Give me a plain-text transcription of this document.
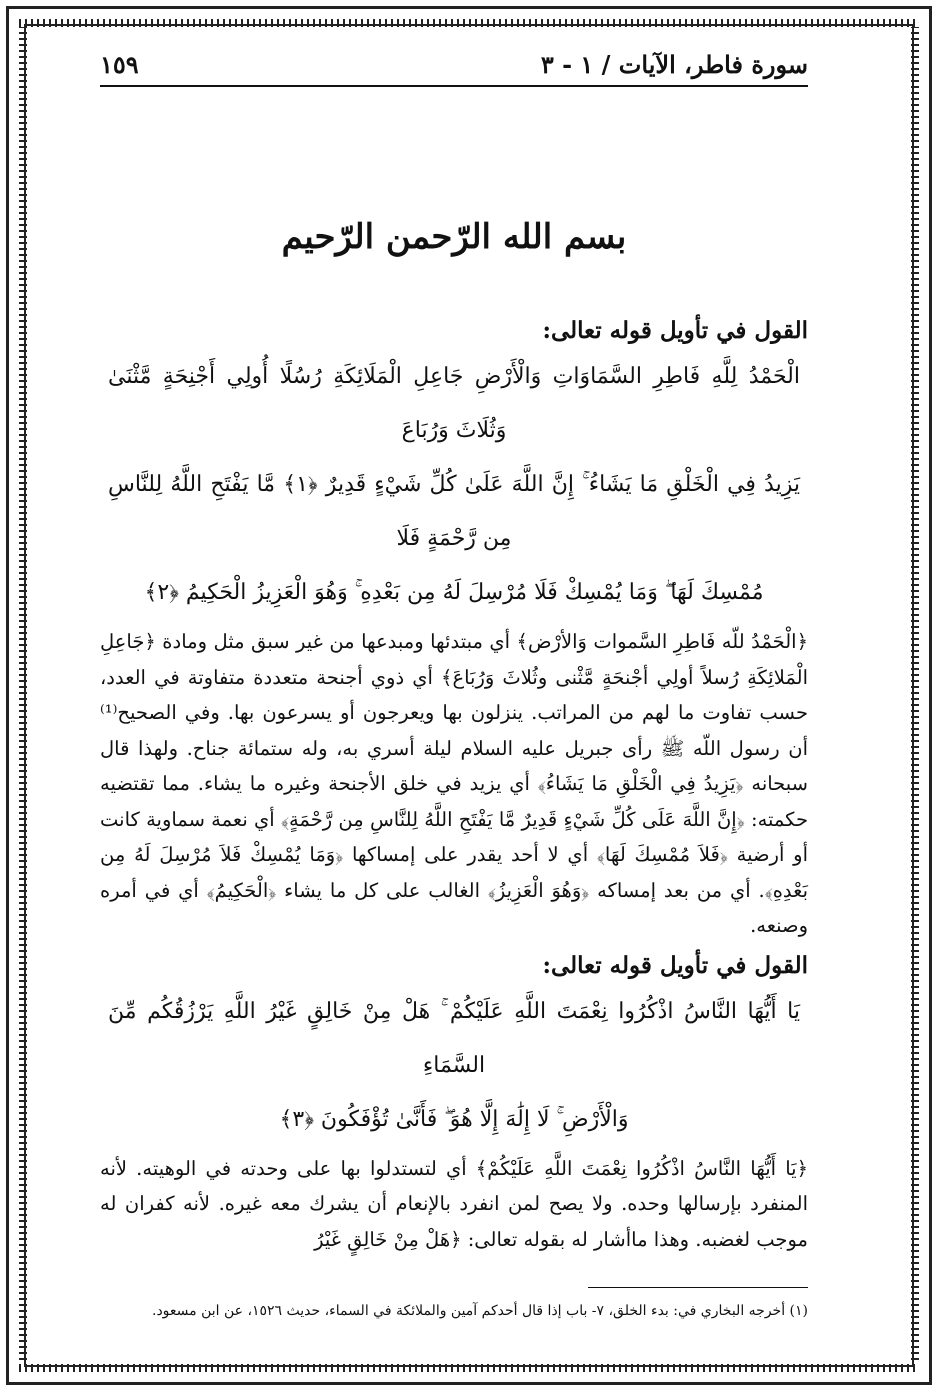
سورة فاطر، الآيات / ١ - ٣
١٥٩
بسم الله الرّحمن الرّحيم
القول في تأويل قوله تعالى:

الْحَمْدُ لِلَّهِ فَاطِرِ السَّمَاوَاتِ وَالْأَرْضِ جَاعِلِ الْمَلَائِكَةِ رُسُلًا أُولِي أَجْنِحَةٍ مَّثْنَىٰ وَثُلَاثَ وَرُبَاعَ

يَزِيدُ فِي الْخَلْقِ مَا يَشَاءُ ۚ إِنَّ اللَّهَ عَلَىٰ كُلِّ شَيْءٍ قَدِيرٌ ﴿١﴾ مَّا يَفْتَحِ اللَّهُ لِلنَّاسِ مِن رَّحْمَةٍ فَلَا

مُمْسِكَ لَهَا ۖ وَمَا يُمْسِكْ فَلَا مُرْسِلَ لَهُ مِن بَعْدِهِ ۚ وَهُوَ الْعَزِيزُ الْحَكِيمُ ﴿٢﴾

﴿الْحَمْدُ للّه فَاطِرِ السَّموات وَالأرْض﴾ أي مبتدئها ومبدعها من غير سبق مثل ومادة ﴿جَاعِلِ الْمَلائِكَةِ رُسلاً أولِي أجْنحَةٍ مَّثْنى وثُلاثَ وَرُبَاعَ﴾ أي ذوي أجنحة متعددة متفاوتة في العدد، حسب تفاوت ما لهم من المراتب. ينزلون بها ويعرجون أو يسرعون بها. وفي الصحيح⁽¹⁾ أن رسول اللّه ﷺ رأى جبريل عليه السلام ليلة أسري به، وله ستمائة جناح. ولهذا قال سبحانه ﴿يَزِيدُ فِي الْخَلْقِ مَا يَشَاءُ﴾ أي يزيد في خلق الأجنحة وغيره ما يشاء. مما تقتضيه حكمته: ﴿إِنَّ اللَّهَ عَلَى كُلِّ شَيْءٍ قَدِيرٌ مَّا يَفْتَحِ اللَّهُ لِلنَّاسِ مِن رَّحْمَةٍ﴾ أي نعمة سماوية كانت أو أرضية ﴿فَلاَ مُمْسِكَ لَهَا﴾ أي لا أحد يقدر على إمساكها ﴿وَمَا يُمْسِكْ فَلاَ مُرْسِلَ لَهُ مِن بَعْدِهِ﴾. أي من بعد إمساكه ﴿وَهُوَ الْعَزِيزُ﴾ الغالب على كل ما يشاء ﴿الْحَكِيمُ﴾ أي في أمره وصنعه.

القول في تأويل قوله تعالى:

يَا أَيُّهَا النَّاسُ اذْكُرُوا نِعْمَتَ اللَّهِ عَلَيْكُمْ ۚ هَلْ مِنْ خَالِقٍ غَيْرُ اللَّهِ يَرْزُقُكُم مِّنَ السَّمَاءِ

وَالْأَرْضِ ۚ لَا إِلَٰهَ إِلَّا هُوَ ۖ فَأَنَّىٰ تُؤْفَكُونَ ﴿٣﴾

﴿يَا أَيُّهَا النَّاسُ اذْكُرُوا نِعْمَتَ اللَّهِ عَلَيْكُمْ﴾ أي لتستدلوا بها على وحدته في الوهيته. لأنه المنفرد بإرسالها وحده. ولا يصح لمن انفرد بالإنعام أن يشرك معه غيره. لأنه كفران له موجب لغضبه. وهذا ماأشار له بقوله تعالى: ﴿هَلْ مِنْ خَالِقٍ غَيْرُ

(١) أخرجه البخاري في: بدء الخلق، ٧- باب إذا قال أحدكم آمين والملائكة في السماء، حديث ١٥٢٦، عن ابن مسعود.
